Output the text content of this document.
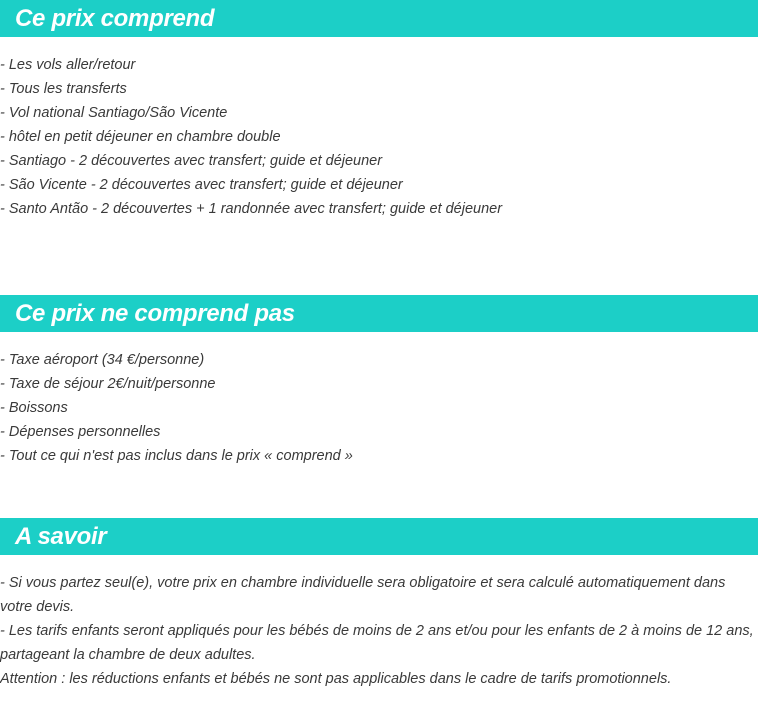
Ce prix comprend
- Les vols aller/retour
- Tous les transferts
- Vol national Santiago/São Vicente
- hôtel en petit déjeuner en chambre double
- Santiago - 2 découvertes avec transfert; guide et déjeuner
- São Vicente - 2 découvertes avec transfert; guide et déjeuner
- Santo Antão - 2 découvertes + 1 randonnée avec transfert; guide et déjeuner
Ce prix ne comprend pas
- Taxe aéroport (34 €/personne)
- Taxe de séjour 2€/nuit/personne
- Boissons
- Dépenses personnelles
- Tout ce qui n'est pas inclus dans le prix « comprend »
A savoir

- Si vous partez seul(e), votre prix en chambre individuelle sera obligatoire et sera calculé automatiquement dans votre devis.

- Les tarifs enfants seront appliqués pour les bébés de moins de 2 ans et/ou pour les enfants de 2 à moins de 12 ans, partageant la chambre de deux adultes.

Attention : les réductions enfants et bébés ne sont pas applicables dans le cadre de tarifs promotionnels.
